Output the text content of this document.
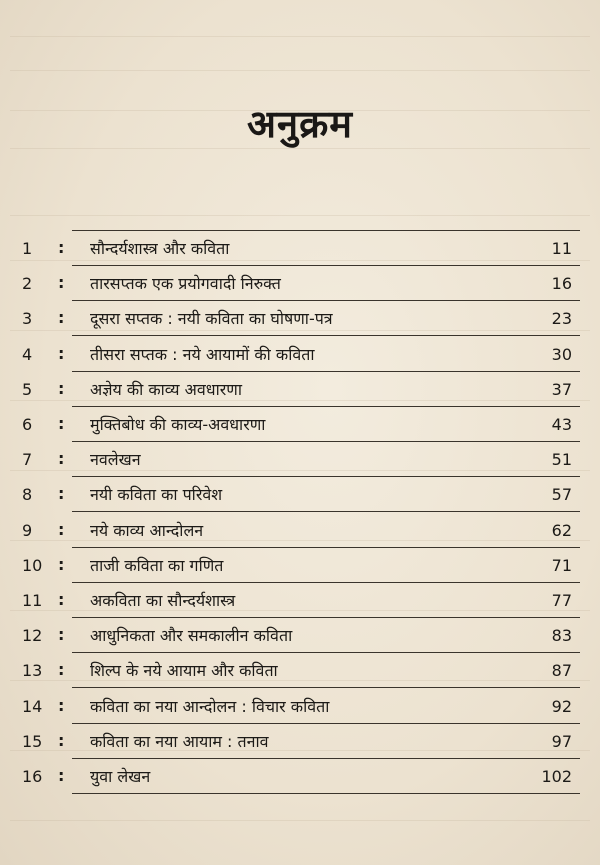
अनुक्रम
1	: सौन्दर्यशास्त्र और कविता	11
2	: तारसप्तक एक प्रयोगवादी निरुक्त	16
3	: दूसरा सप्तक : नयी कविता का घोषणा-पत्र	23
4	: तीसरा सप्तक : नये आयामों की कविता	30
5	: अज्ञेय की काव्य अवधारणा	37
6	: मुक्तिबोध की काव्य-अवधारणा	43
7	: नवलेखन	51
8	: नयी कविता का परिवेश	57
9	: नये काव्य आन्दोलन	62
10 : ताजी कविता का गणित	71
11 : अकविता का सौन्दर्यशास्त्र	77
12 : आधुनिकता और समकालीन कविता	83
13 : शिल्प के नये आयाम और कविता	87
14 : कविता का नया आन्दोलन : विचार कविता	92
15 : कविता का नया आयाम : तनाव	97
16 : युवा लेखन	102
